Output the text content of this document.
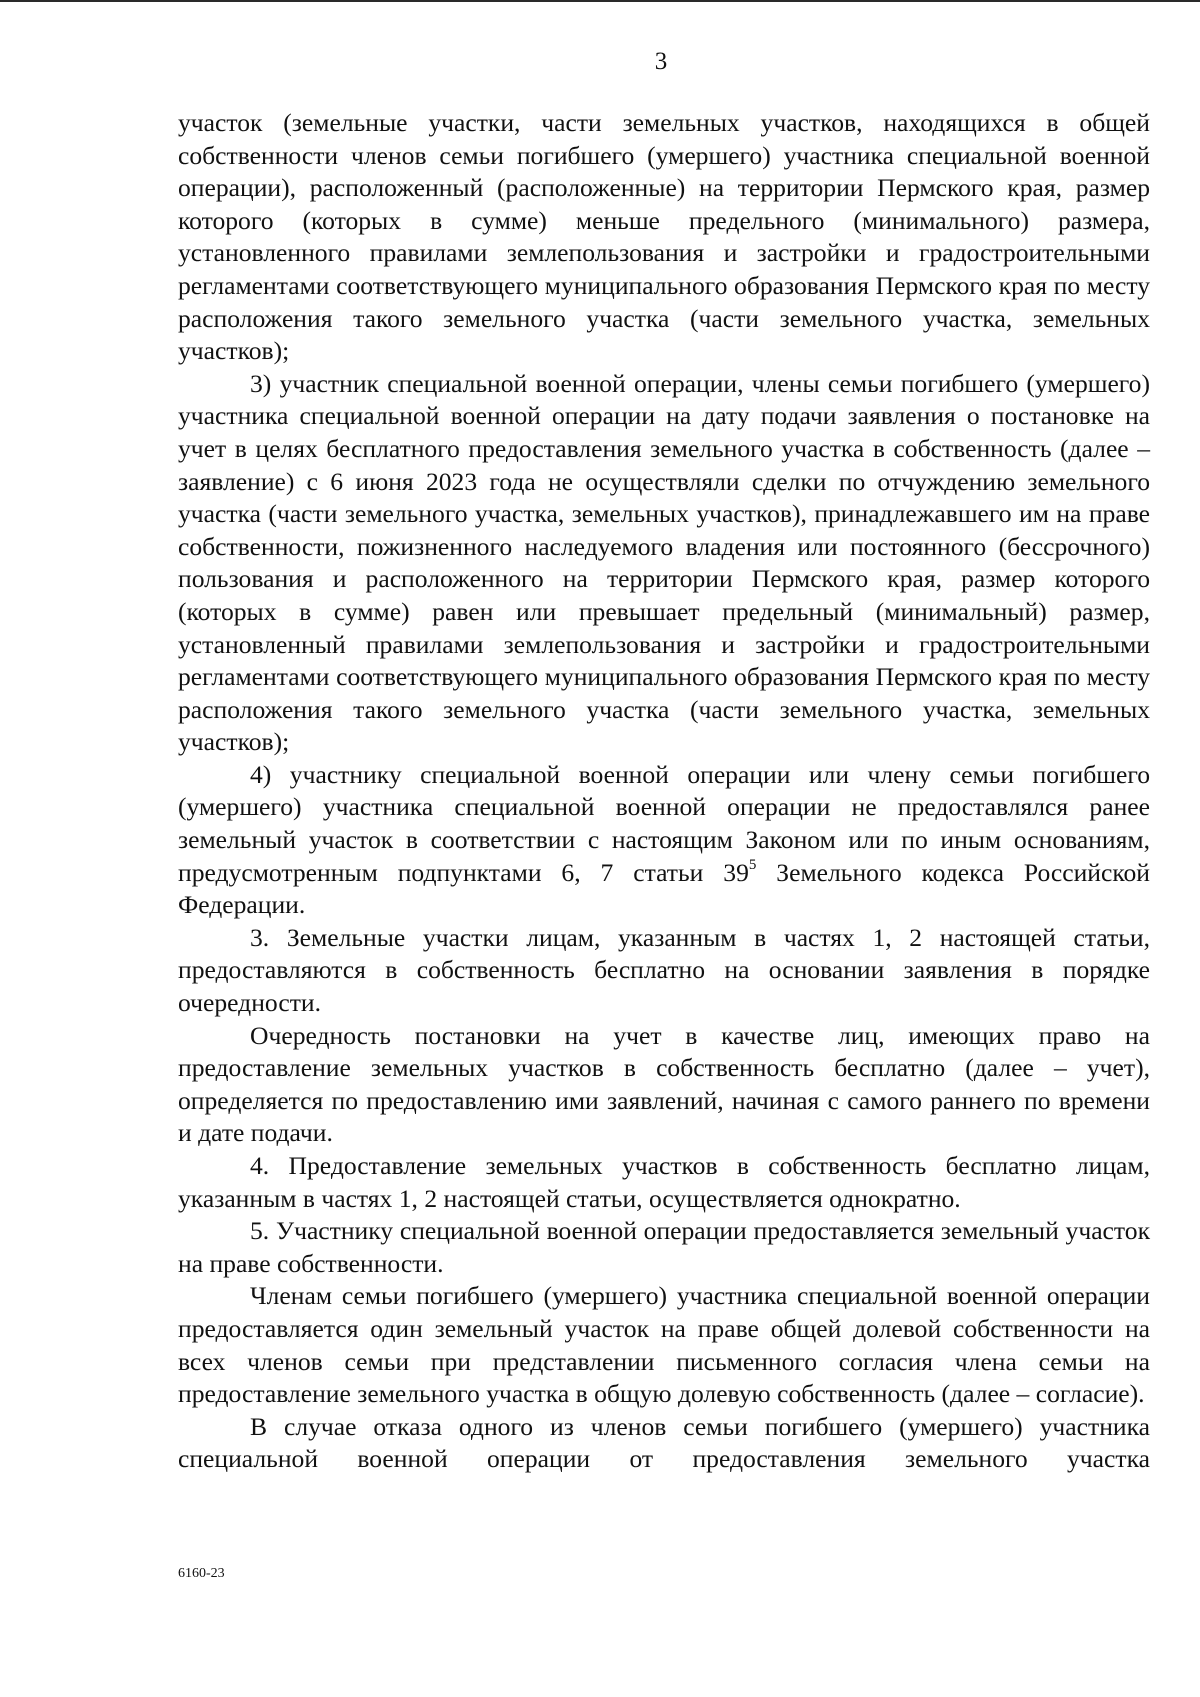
3

участок (земельные участки, части земельных участков, находящихся в общей собственности членов семьи погибшего (умершего) участника специальной военной операции), расположенный (расположенные) на территории Пермского края, размер которого (которых в сумме) меньше предельного (минимального) размера, установленного правилами землепользования и застройки и градостроительными регламентами соответствующего муниципального образования Пермского края по месту расположения такого земельного участка (части земельного участка, земельных участков);

3) участник специальной военной операции, члены семьи погибшего (умершего) участника специальной военной операции на дату подачи заявления о постановке на учет в целях бесплатного предоставления земельного участка в собственность (далее – заявление) с 6 июня 2023 года не осуществляли сделки по отчуждению земельного участка (части земельного участка, земельных участков), принадлежавшего им на праве собственности, пожизненного наследуемого владения или постоянного (бессрочного) пользования и расположенного на территории Пермского края, размер которого (которых в сумме) равен или превышает предельный (минимальный) размер, установленный правилами землепользования и застройки и градостроительными регламентами соответствующего муниципального образования Пермского края по месту расположения такого земельного участка (части земельного участка, земельных участков);

4) участнику специальной военной операции или члену семьи погибшего (умершего) участника специальной военной операции не предоставлялся ранее земельный участок в соответствии с настоящим Законом или по иным основаниям, предусмотренным подпунктами 6, 7 статьи $39^5$ Земельного кодекса Российской Федерации.

3. Земельные участки лицам, указанным в частях 1, 2 настоящей статьи, предоставляются в собственность бесплатно на основании заявления в порядке очередности.

Очередность постановки на учет в качестве лиц, имеющих право на предоставление земельных участков в собственность бесплатно (далее – учет), определяется по предоставлению ими заявлений, начиная с самого раннего по времени и дате подачи.

4. Предоставление земельных участков в собственность бесплатно лицам, указанным в частях 1, 2 настоящей статьи, осуществляется однократно.

5. Участнику специальной военной операции предоставляется земельный участок на праве собственности.

Членам семьи погибшего (умершего) участника специальной военной операции предоставляется один земельный участок на праве общей долевой собственности на всех членов семьи при представлении письменного согласия члена семьи на предоставление земельного участка в общую долевую собственность (далее – согласие).

В случае отказа одного из членов семьи погибшего (умершего) участника специальной военной операции от предоставления земельного участка

6160-23
